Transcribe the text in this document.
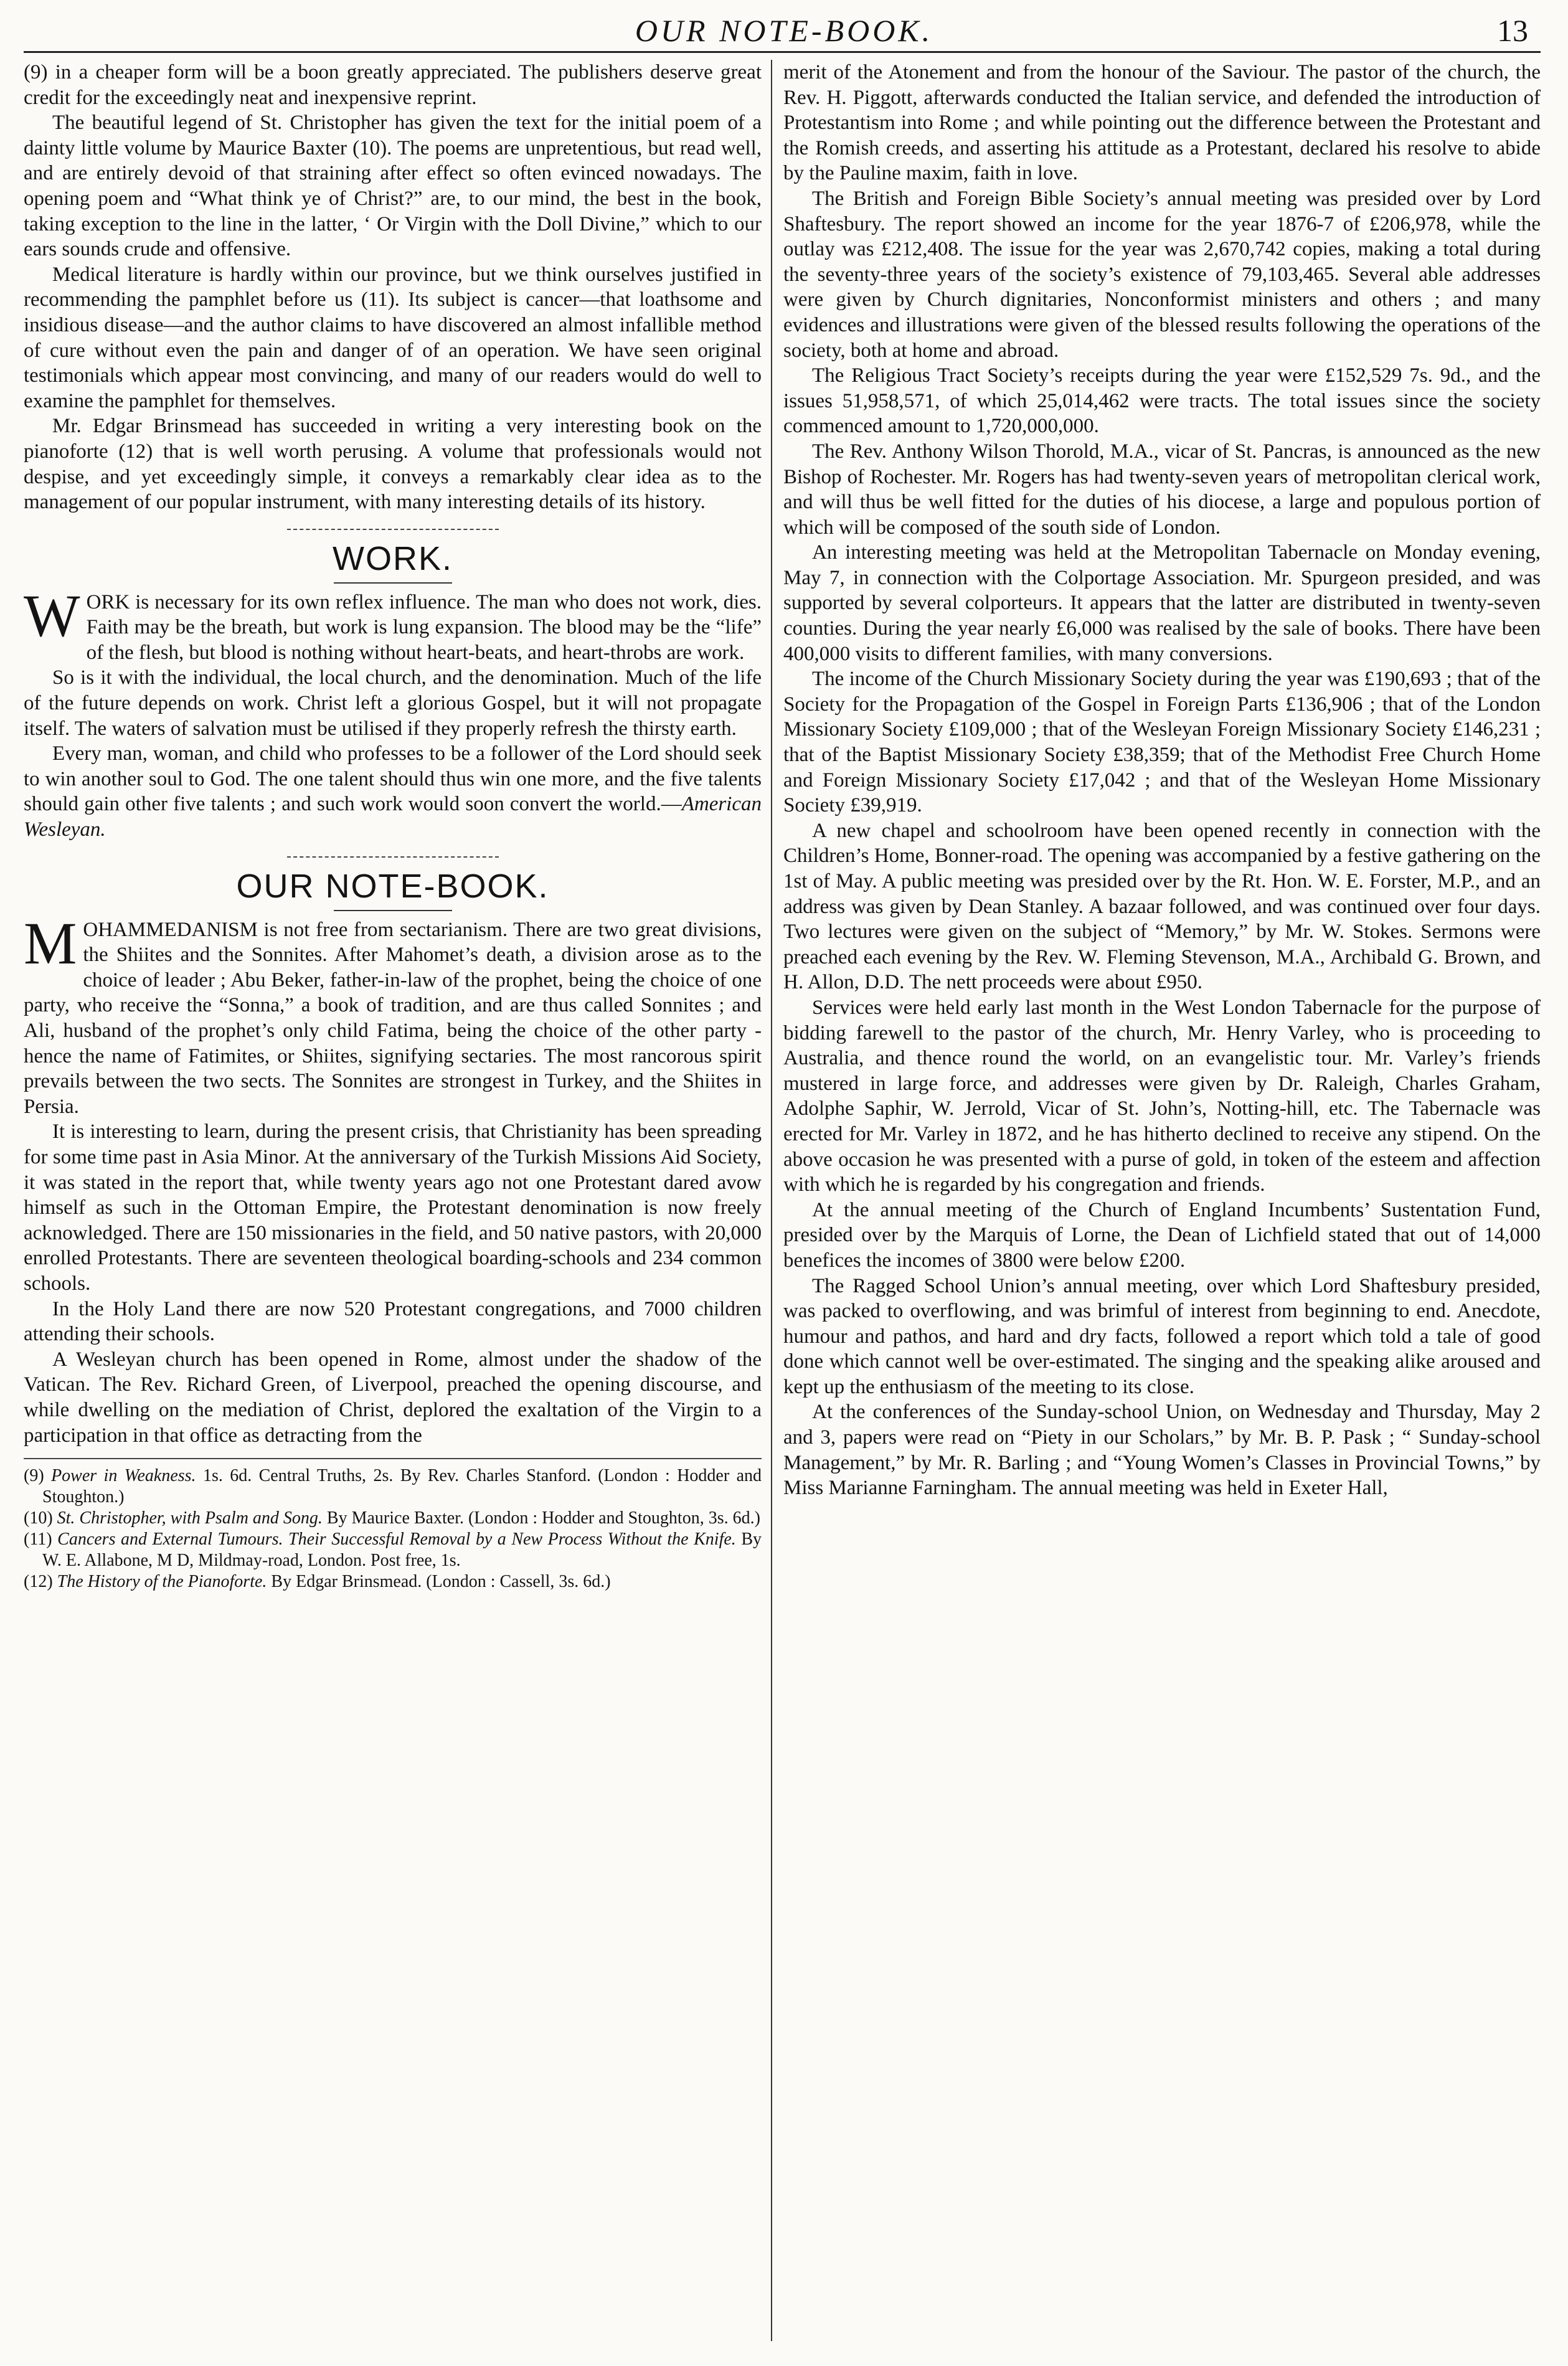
OUR NOTE-BOOK.	13

(9) in a cheaper form will be a boon greatly appreciated. The publishers deserve great credit for the exceedingly neat and inexpensive reprint.

The beautiful legend of St. Christopher has given the text for the initial poem of a dainty little volume by Maurice Baxter (10). The poems are unpretentious, but read well, and are entirely devoid of that straining after effect so often evinced nowadays. The opening poem and “What think ye of Christ?” are, to our mind, the best in the book, taking exception to the line in the latter, ‘ Or Virgin with the Doll Divine,” which to our ears sounds crude and offensive.

Medical literature is hardly within our province, but we think ourselves justified in recommending the pamphlet before us (11). Its subject is cancer—that loathsome and insidious disease—and the author claims to have discovered an almost infallible method of cure without even the pain and danger of of an operation. We have seen original testimonials which appear most convincing, and many of our readers would do well to examine the pamphlet for themselves.

Mr. Edgar Brinsmead has succeeded in writing a very interesting book on the pianoforte (12) that is well worth perusing. A volume that professionals would not despise, and yet exceedingly simple, it conveys a remarkably clear idea as to the management of our popular instrument, with many interesting details of its history.

WORK.

WORK is necessary for its own reflex influence. The man who does not work, dies. Faith may be the breath, but work is lung expansion. The blood may be the “life” of the flesh, but blood is nothing without heart-beats, and heart-throbs are work.

So is it with the individual, the local church, and the denomination. Much of the life of the future depends on work. Christ left a glorious Gospel, but it will not propagate itself. The waters of salvation must be utilised if they properly refresh the thirsty earth.

Every man, woman, and child who professes to be a follower of the Lord should seek to win another soul to God. The one talent should thus win one more, and the five talents should gain other five talents ; and such work would soon convert the world.—American Wesleyan.

OUR NOTE-BOOK.

MOHAMMEDANISM is not free from sectarianism. There are two great divisions, the Shiites and the Sonnites. After Mahomet’s death, a division arose as to the choice of leader ; Abu Beker, father-in-law of the prophet, being the choice of one party, who receive the “Sonna,” a book of tradition, and are thus called Sonnites ; and Ali, husband of the prophet’s only child Fatima, being the choice of the other party - hence the name of Fatimites, or Shiites, signifying sectaries. The most rancorous spirit prevails between the two sects. The Sonnites are strongest in Turkey, and the Shiites in Persia.

It is interesting to learn, during the present crisis, that Christianity has been spreading for some time past in Asia Minor. At the anniversary of the Turkish Missions Aid Society, it was stated in the report that, while twenty years ago not one Protestant dared avow himself as such in the Ottoman Empire, the Protestant denomination is now freely acknowledged. There are 150 missionaries in the field, and 50 native pastors, with 20,000 enrolled Protestants. There are seventeen theological boarding-schools and 234 common schools.

In the Holy Land there are now 520 Protestant congregations, and 7000 children attending their schools.

A Wesleyan church has been opened in Rome, almost under the shadow of the Vatican. The Rev. Richard Green, of Liverpool, preached the opening discourse, and while dwelling on the mediation of Christ, deplored the exaltation of the Virgin to a participation in that office as detracting from the

(9) Power in Weakness. 1s. 6d. Central Truths, 2s. By Rev. Charles Stanford. (London : Hodder and Stoughton.)

(10) St. Christopher, with Psalm and Song. By Maurice Baxter. (London : Hodder and Stoughton, 3s. 6d.)

(11) Cancers and External Tumours. Their Successful Removal by a New Process Without the Knife. By W. E. Allabone, M D, Mildmay-road, London. Post free, 1s.

(12) The History of the Pianoforte. By Edgar Brinsmead. (London : Cassell, 3s. 6d.)

merit of the Atonement and from the honour of the Saviour. The pastor of the church, the Rev. H. Piggott, afterwards conducted the Italian service, and defended the introduction of Protestantism into Rome ; and while pointing out the difference between the Protestant and the Romish creeds, and asserting his attitude as a Protestant, declared his resolve to abide by the Pauline maxim, faith in love.

The British and Foreign Bible Society’s annual meeting was presided over by Lord Shaftesbury. The report showed an income for the year 1876-7 of £206,978, while the outlay was £212,408. The issue for the year was 2,670,742 copies, making a total during the seventy-three years of the society’s existence of 79,103,465. Several able addresses were given by Church dignitaries, Nonconformist ministers and others ; and many evidences and illustrations were given of the blessed results following the operations of the society, both at home and abroad.

The Religious Tract Society’s receipts during the year were £152,529 7s. 9d., and the issues 51,958,571, of which 25,014,462 were tracts. The total issues since the society commenced amount to 1,720,000,000.

The Rev. Anthony Wilson Thorold, M.A., vicar of St. Pancras, is announced as the new Bishop of Rochester. Mr. Rogers has had twenty-seven years of metropolitan clerical work, and will thus be well fitted for the duties of his diocese, a large and populous portion of which will be composed of the south side of London.

An interesting meeting was held at the Metropolitan Tabernacle on Monday evening, May 7, in connection with the Colportage Association. Mr. Spurgeon presided, and was supported by several colporteurs. It appears that the latter are distributed in twenty-seven counties. During the year nearly £6,000 was realised by the sale of books. There have been 400,000 visits to different families, with many conversions.

The income of the Church Missionary Society during the year was £190,693 ; that of the Society for the Propagation of the Gospel in Foreign Parts £136,906 ; that of the London Missionary Society £109,000 ; that of the Wesleyan Foreign Missionary Society £146,231 ; that of the Baptist Missionary Society £38,359; that of the Methodist Free Church Home and Foreign Missionary Society £17,042 ; and that of the Wesleyan Home Missionary Society £39,919.

A new chapel and schoolroom have been opened recently in connection with the Children’s Home, Bonner-road. The opening was accompanied by a festive gathering on the 1st of May. A public meeting was presided over by the Rt. Hon. W. E. Forster, M.P., and an address was given by Dean Stanley. A bazaar followed, and was continued over four days. Two lectures were given on the subject of “Memory,” by Mr. W. Stokes. Sermons were preached each evening by the Rev. W. Fleming Stevenson, M.A., Archibald G. Brown, and H. Allon, D.D. The nett proceeds were about £950.

Services were held early last month in the West London Tabernacle for the purpose of bidding farewell to the pastor of the church, Mr. Henry Varley, who is proceeding to Australia, and thence round the world, on an evangelistic tour. Mr. Varley’s friends mustered in large force, and addresses were given by Dr. Raleigh, Charles Graham, Adolphe Saphir, W. Jerrold, Vicar of St. John’s, Notting-hill, etc. The Tabernacle was erected for Mr. Varley in 1872, and he has hitherto declined to receive any stipend. On the above occasion he was presented with a purse of gold, in token of the esteem and affection with which he is regarded by his congregation and friends.

At the annual meeting of the Church of England Incumbents’ Sustentation Fund, presided over by the Marquis of Lorne, the Dean of Lichfield stated that out of 14,000 benefices the incomes of 3800 were below £200.

The Ragged School Union’s annual meeting, over which Lord Shaftesbury presided, was packed to overflowing, and was brimful of interest from beginning to end. Anecdote, humour and pathos, and hard and dry facts, followed a report which told a tale of good done which cannot well be over-estimated. The singing and the speaking alike aroused and kept up the enthusiasm of the meeting to its close.

At the conferences of the Sunday-school Union, on Wednesday and Thursday, May 2 and 3, papers were read on “Piety in our Scholars,” by Mr. B. P. Pask ; “ Sunday-school Management,” by Mr. R. Barling ; and “Young Women’s Classes in Provincial Towns,” by Miss Marianne Farningham. The annual meeting was held in Exeter Hall,
